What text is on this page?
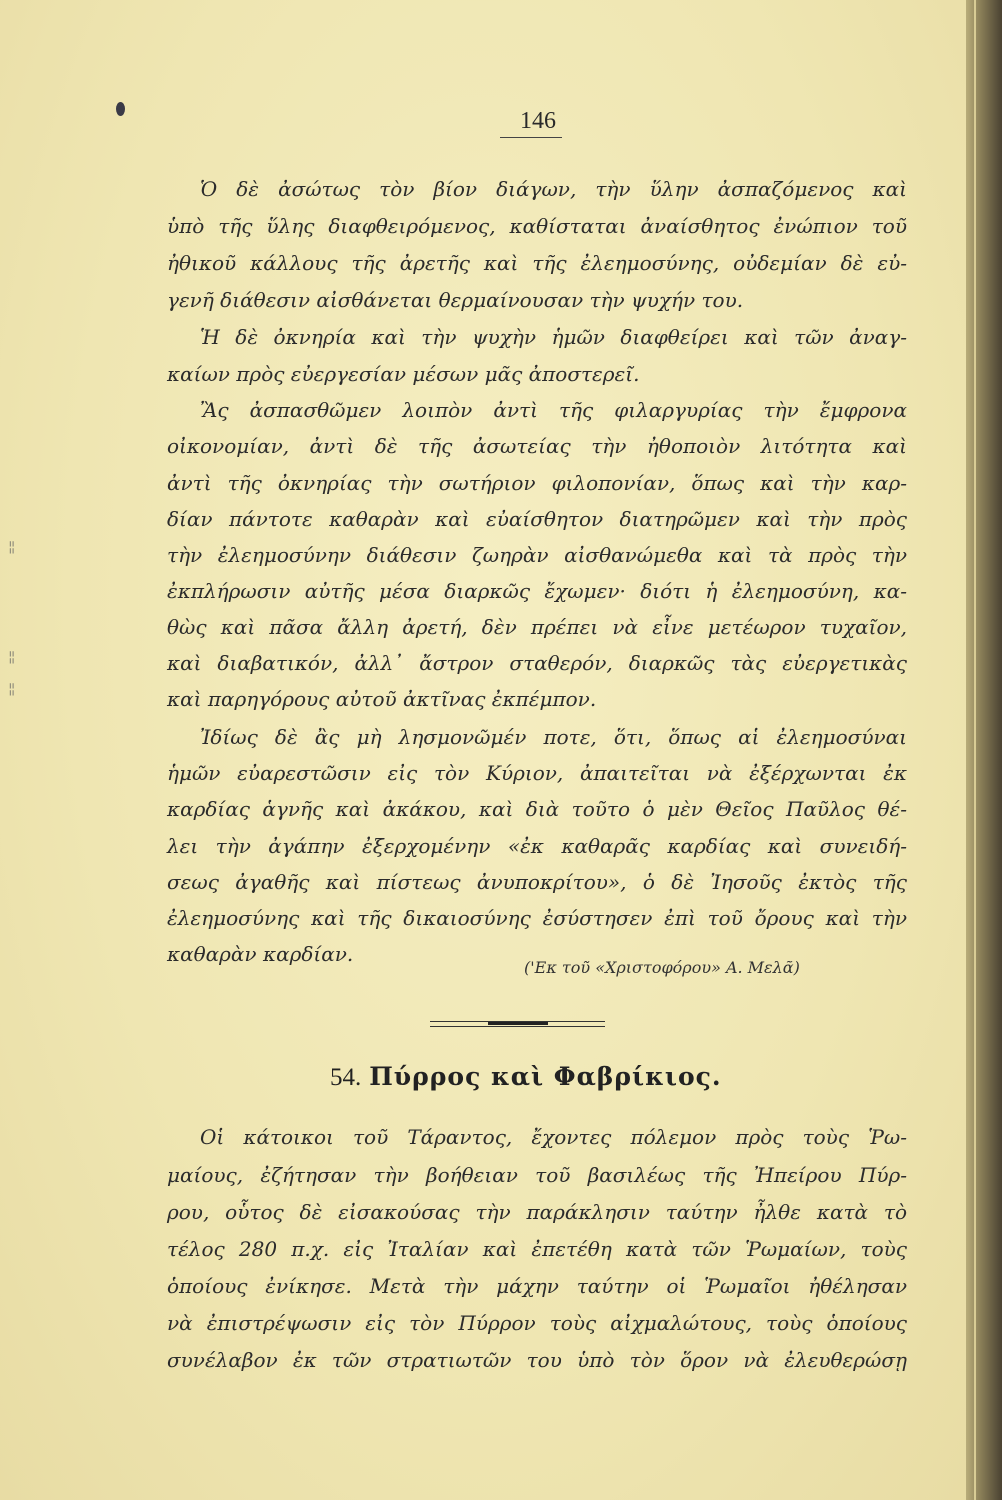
¦¦
¦¦
¦¦
146
Ὁ δὲ ἀσώτως τὸν βίον διάγων, τὴν ὕλην ἀσπαζόμενος καὶ
ὑπὸ τῆς ὕλης διαφθειρόμενος, καθίσταται ἀναίσθητος ἐνώπιον τοῦ
ἠθικοῦ κάλλους τῆς ἀρετῆς καὶ τῆς ἐλεημοσύνης, οὐδεμίαν δὲ εὐ-
γενῆ διάθεσιν αἰσθάνεται θερμαίνουσαν τὴν ψυχήν του.
Ἡ δὲ ὀκνηρία καὶ τὴν ψυχὴν ἡμῶν διαφθείρει καὶ τῶν ἀναγ-
καίων πρὸς εὐεργεσίαν μέσων μᾶς ἀποστερεῖ.
Ἂς ἀσπασθῶμεν λοιπὸν ἀντὶ τῆς φιλαργυρίας τὴν ἔμφρονα
οἰκονομίαν, ἀντὶ δὲ τῆς ἀσωτείας τὴν ἠθοποιὸν λιτότητα καὶ
ἀντὶ τῆς ὀκνηρίας τὴν σωτήριον φιλοπονίαν, ὅπως καὶ τὴν καρ-
δίαν πάντοτε καθαρὰν καὶ εὐαίσθητον διατηρῶμεν καὶ τὴν πρὸς
τὴν ἐλεημοσύνην διάθεσιν ζωηρὰν αἰσθανώμεθα καὶ τὰ πρὸς τὴν
ἐκπλήρωσιν αὐτῆς μέσα διαρκῶς ἔχωμεν· διότι ἡ ἐλεημοσύνη, κα-
θὼς καὶ πᾶσα ἄλλη ἀρετή, δὲν πρέπει νὰ εἶνε μετέωρον τυχαῖον,
καὶ διαβατικόν, ἀλλ᾽ ἄστρον σταθερόν, διαρκῶς τὰς εὐεργετικὰς
καὶ παρηγόρους αὐτοῦ ἀκτῖνας ἐκπέμπον.
Ἰδίως δὲ ἂς μὴ λησμονῶμέν ποτε, ὅτι, ὅπως αἱ ἐλεημοσύναι
ἡμῶν εὐαρεστῶσιν εἰς τὸν Κύριον, ἀπαιτεῖται νὰ ἐξέρχωνται ἐκ
καρδίας ἁγνῆς καὶ ἀκάκου, καὶ διὰ τοῦτο ὁ μὲν Θεῖος Παῦλος θέ-
λει τὴν ἀγάπην ἐξερχομένην «ἐκ καθαρᾶς καρδίας καὶ συνειδή-
σεως ἀγαθῆς καὶ πίστεως ἀνυποκρίτου», ὁ δὲ Ἰησοῦς ἐκτὸς τῆς
ἐλεημοσύνης καὶ τῆς δικαιοσύνης ἐσύστησεν ἐπὶ τοῦ ὄρους καὶ τὴν
καθαρὰν καρδίαν.
('Εκ τοῦ «Χριστοφόρου» Α. Μελᾶ)
54. Πύρρος καὶ Φαβρίκιος.
Οἱ κάτοικοι τοῦ Τάραντος, ἔχοντες πόλεμον πρὸς τοὺς Ῥω-
μαίους, ἐζήτησαν τὴν βοήθειαν τοῦ βασιλέως τῆς Ἠπείρου Πύρ-
ρου, οὗτος δὲ εἰσακούσας τὴν παράκλησιν ταύτην ἦλθε κατὰ τὸ
τέλος 280 π.χ. εἰς Ἰταλίαν καὶ ἐπετέθη κατὰ τῶν Ῥωμαίων, τοὺς
ὁποίους ἐνίκησε. Μετὰ τὴν μάχην ταύτην οἱ Ῥωμαῖοι ἠθέλησαν
νὰ ἐπιστρέψωσιν εἰς τὸν Πύρρον τοὺς αἰχμαλώτους, τοὺς ὁποίους
συνέλαβον ἐκ τῶν στρατιωτῶν του ὑπὸ τὸν ὅρον νὰ ἐλευθερώσῃ
